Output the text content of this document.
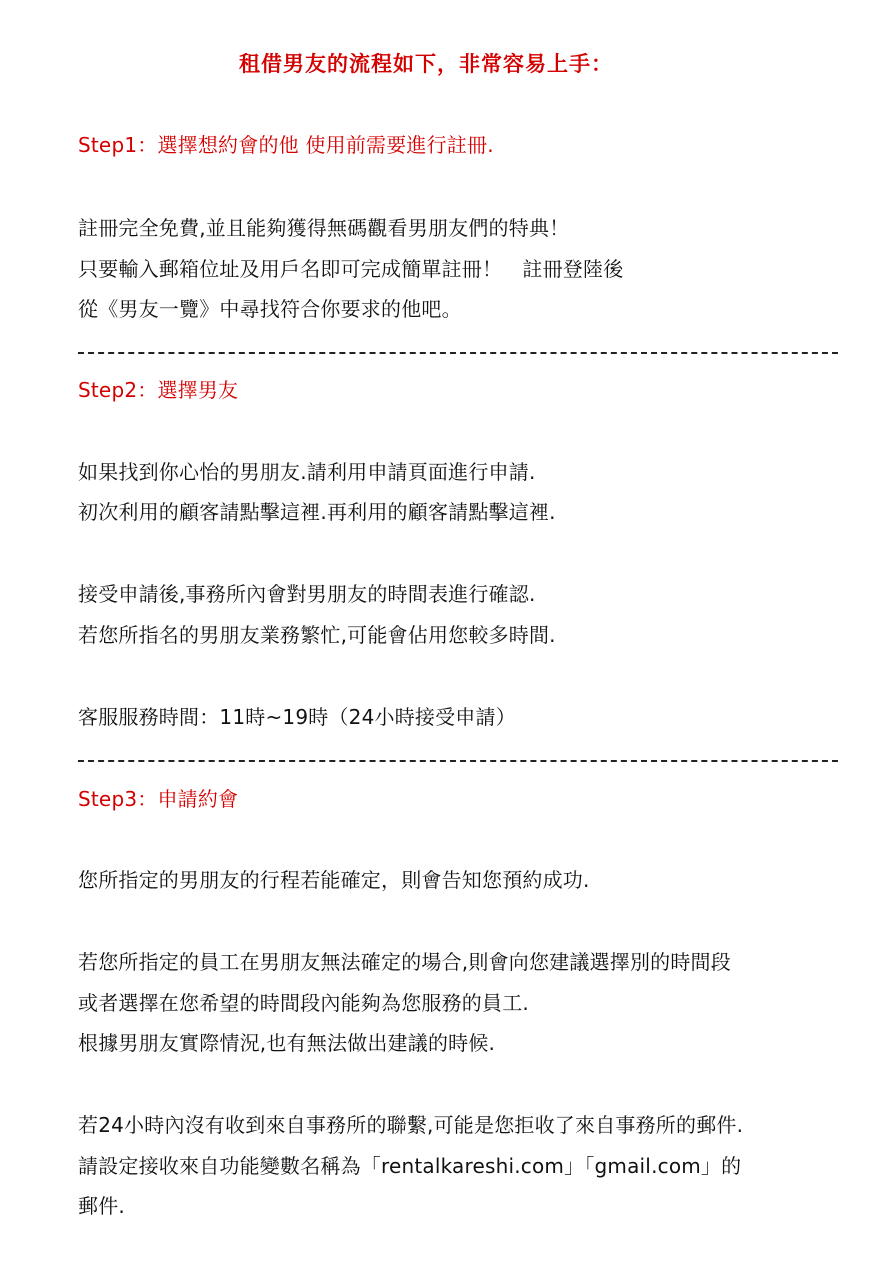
租借男友的流程如下，非常容易上手：
Step1：選擇想約會的他 使用前需要進行註冊.
註冊完全免費,並且能夠獲得無碼觀看男朋友們的特典！
只要輸入郵箱位址及用戶名即可完成簡單註冊！　註冊登陸後
從《男友一覽》中尋找符合你要求的他吧。
Step2：選擇男友
如果找到你心怡的男朋友.請利用申請頁面進行申請.
初次利用的顧客請點擊這裡.再利用的顧客請點擊這裡.
接受申請後,事務所內會對男朋友的時間表進行確認.
若您所指名的男朋友業務繁忙,可能會佔用您較多時間.
客服服務時間：11時~19時（24小時接受申請）
Step3：申請約會
您所指定的男朋友的行程若能確定，則會告知您預約成功.
若您所指定的員工在男朋友無法確定的場合,則會向您建議選擇別的時間段
或者選擇在您希望的時間段內能夠為您服務的員工.
根據男朋友實際情況,也有無法做出建議的時候.
若24小時內沒有收到來自事務所的聯繫,可能是您拒收了來自事務所的郵件.
請設定接收來自功能變數名稱為「rentalkareshi.com」「gmail.com」的
郵件.
